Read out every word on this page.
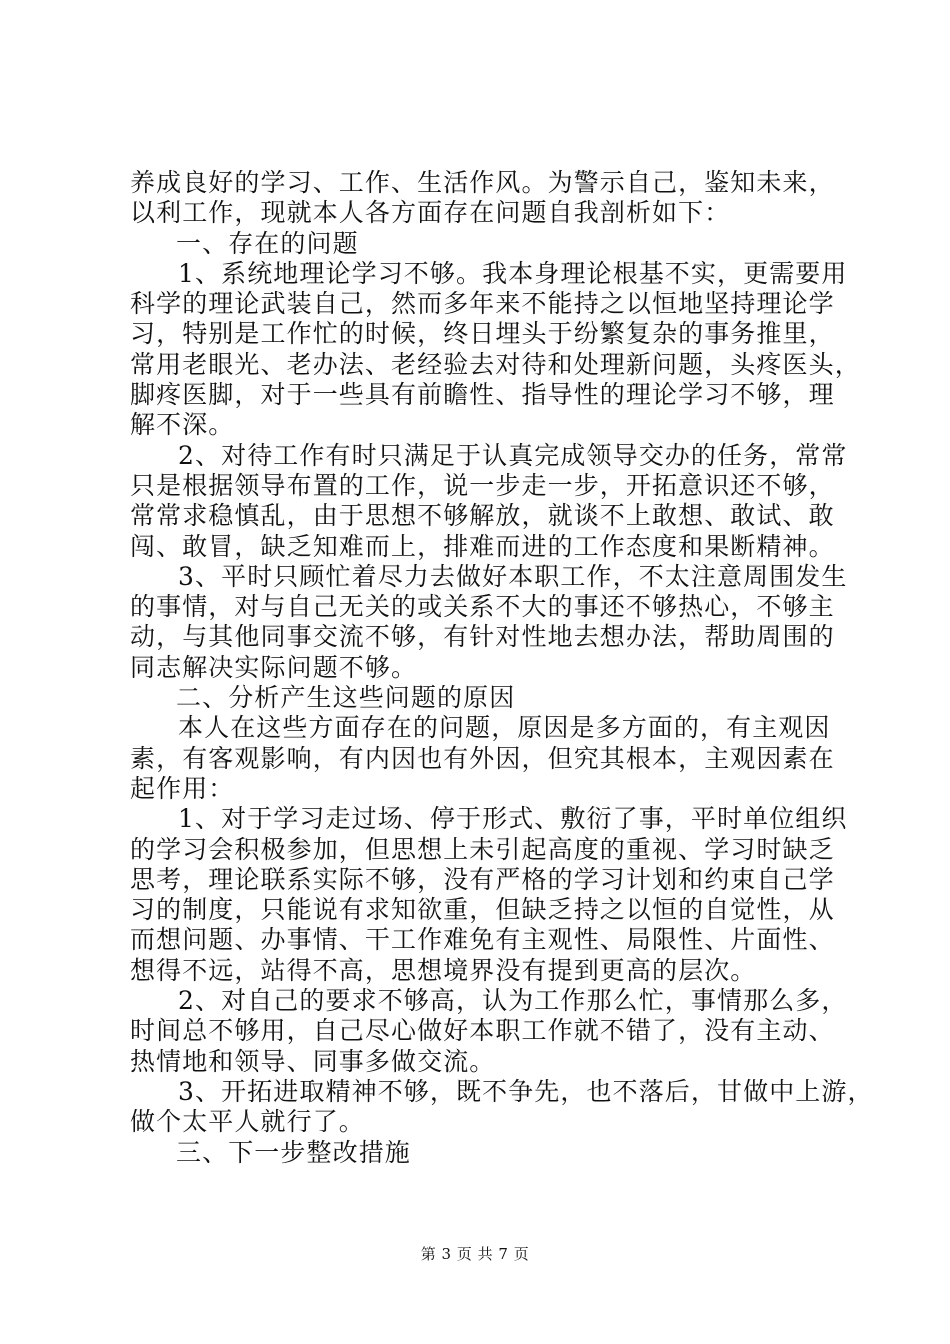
养成良好的学习、工作、生活作风。为警示自己，鉴知未来，
以利工作，现就本人各方面存在问题自我剖析如下：
一、存在的问题
1、系统地理论学习不够。我本身理论根基不实，更需要用
科学的理论武装自己，然而多年来不能持之以恒地坚持理论学
习，特别是工作忙的时候，终日埋头于纷繁复杂的事务推里，
常用老眼光、老办法、老经验去对待和处理新问题，头疼医头，
脚疼医脚，对于一些具有前瞻性、指导性的理论学习不够，理
解不深。
2、对待工作有时只满足于认真完成领导交办的任务，常常
只是根据领导布置的工作，说一步走一步，开拓意识还不够，
常常求稳慎乱，由于思想不够解放，就谈不上敢想、敢试、敢
闯、敢冒，缺乏知难而上，排难而进的工作态度和果断精神。
3、平时只顾忙着尽力去做好本职工作，不太注意周围发生
的事情，对与自己无关的或关系不大的事还不够热心，不够主
动，与其他同事交流不够，有针对性地去想办法，帮助周围的
同志解决实际问题不够。
二、分析产生这些问题的原因
本人在这些方面存在的问题，原因是多方面的，有主观因
素，有客观影响，有内因也有外因，但究其根本，主观因素在
起作用：
1、对于学习走过场、停于形式、敷衍了事，平时单位组织
的学习会积极参加，但思想上未引起高度的重视、学习时缺乏
思考，理论联系实际不够，没有严格的学习计划和约束自己学
习的制度，只能说有求知欲重，但缺乏持之以恒的自觉性，从
而想问题、办事情、干工作难免有主观性、局限性、片面性、
想得不远，站得不高，思想境界没有提到更高的层次。
2、对自己的要求不够高，认为工作那么忙，事情那么多，
时间总不够用，自己尽心做好本职工作就不错了，没有主动、
热情地和领导、同事多做交流。
3、开拓进取精神不够，既不争先，也不落后，甘做中上游，
做个太平人就行了。
三、下一步整改措施
第 3 页 共 7 页
